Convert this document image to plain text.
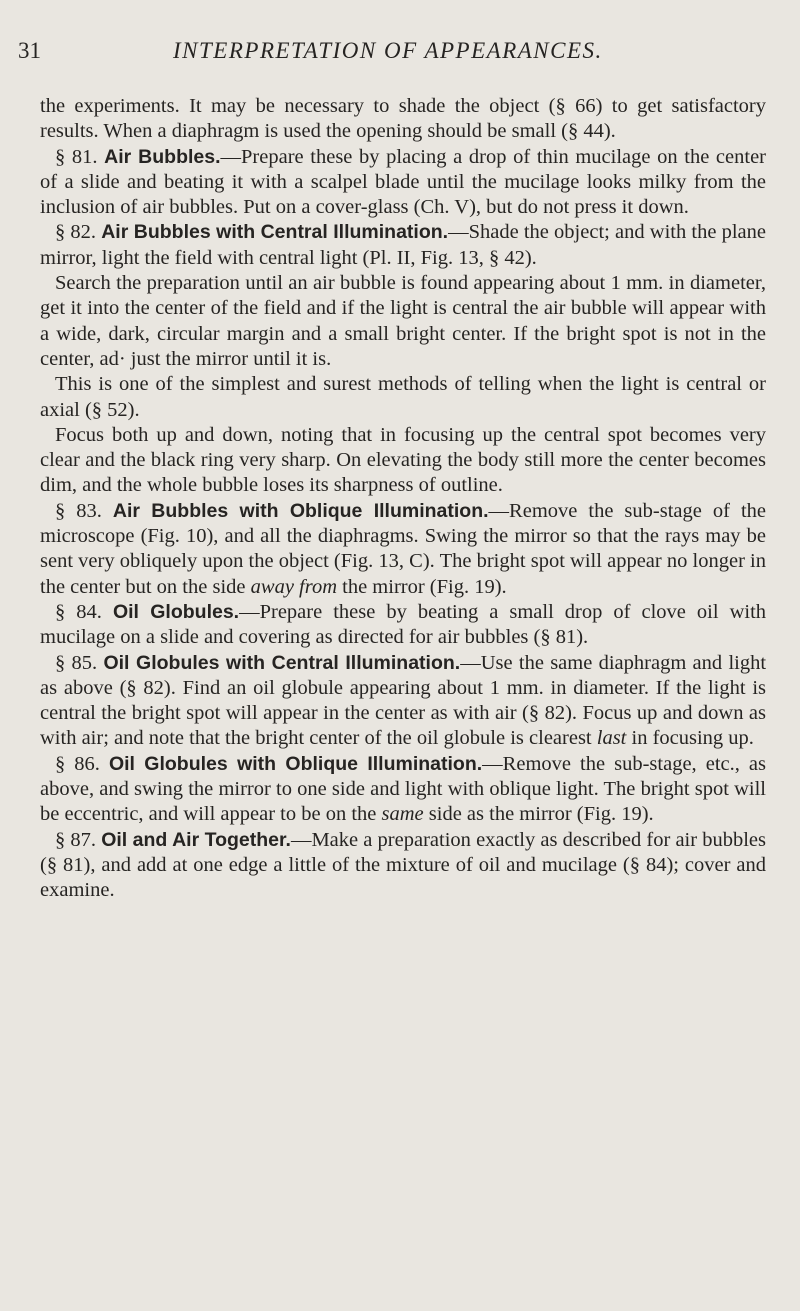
31	INTERPRETATION OF APPEARANCES.

the experiments. It may be necessary to shade the object (§ 66) to get satisfactory results. When a diaphragm is used the opening should be small (§ 44).

§ 81. Air Bubbles.—Prepare these by placing a drop of thin mucilage on the center of a slide and beating it with a scalpel blade until the mucilage looks milky from the inclusion of air bubbles. Put on a cover-glass (Ch. V), but do not press it down.

§ 82. Air Bubbles with Central Illumination.—Shade the object; and with the plane mirror, light the field with central light (Pl. II, Fig. 13, § 42).

Search the preparation until an air bubble is found appearing about 1 mm. in diameter, get it into the center of the field and if the light is central the air bubble will appear with a wide, dark, circular margin and a small bright center. If the bright spot is not in the center, ad· just the mirror until it is.

This is one of the simplest and surest methods of telling when the light is central or axial (§ 52).

Focus both up and down, noting that in focusing up the central spot becomes very clear and the black ring very sharp. On elevating the body still more the center becomes dim, and the whole bubble loses its sharpness of outline.

§ 83. Air Bubbles with Oblique Illumination.—Remove the sub-stage of the microscope (Fig. 10), and all the diaphragms. Swing the mirror so that the rays may be sent very obliquely upon the object (Fig. 13, C). The bright spot will appear no longer in the center but on the side away from the mirror (Fig. 19).

§ 84. Oil Globules.—Prepare these by beating a small drop of clove oil with mucilage on a slide and covering as directed for air bubbles (§ 81).

§ 85. Oil Globules with Central Illumination.—Use the same diaphragm and light as above (§ 82). Find an oil globule appearing about 1 mm. in diameter. If the light is central the bright spot will appear in the center as with air (§ 82). Focus up and down as with air; and note that the bright center of the oil globule is clearest last in focusing up.

§ 86. Oil Globules with Oblique Illumination.—Remove the sub-stage, etc., as above, and swing the mirror to one side and light with oblique light. The bright spot will be eccentric, and will appear to be on the same side as the mirror (Fig. 19).

§ 87. Oil and Air Together.—Make a preparation exactly as described for air bubbles (§ 81), and add at one edge a little of the mixture of oil and mucilage (§ 84); cover and examine.
